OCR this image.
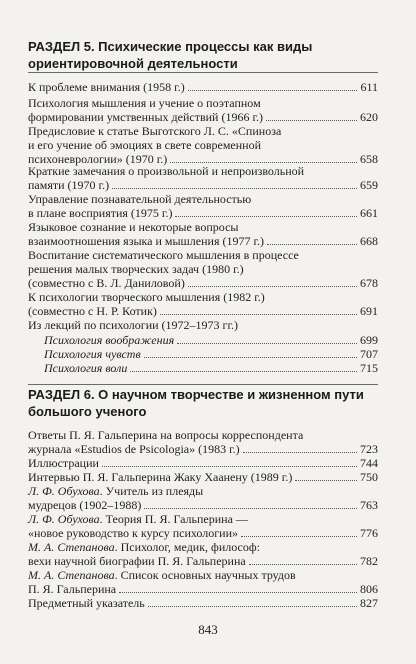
РАЗДЕЛ 5. Психические процессы как виды
ориентировочной деятельности
К проблеме внимания (1958 г.)	611
Психология мышления и учение о поэтапном
формировании умственных действий (1966 г.)	620
Предисловие к статье Выготского Л. С. «Спиноза
и его учение об эмоциях в свете современной
психоневрологии» (1970 г.)	658
Краткие замечания о произвольной и непроизвольной
памяти (1970 г.)	659
Управление познавательной деятельностью
в плане восприятия (1975 г.)	661
Языковое сознание и некоторые вопросы
взаимоотношения языка и мышления (1977 г.)	668
Воспитание систематического мышления в процессе
решения малых творческих задач (1980 г.)
(совместно с В. Л. Даниловой)	678
К психологии творческого мышления (1982 г.)
(совместно с Н. Р. Котик)	691
Из лекций по психологии (1972–1973 гг.)
Психология воображения	699
Психология чувств	707
Психология воли	715
РАЗДЕЛ 6. О научном творчестве и жизненном пути
большого ученого
Ответы П. Я. Гальперина на вопросы корреспондента
журнала «Estudios de Psicologia» (1983 г.)	723
Иллюстрации	744
Интервью П. Я. Гальперина Жаку Хаанену (1989 г.)	750
Л. Ф. Обухова. Учитель из плеяды
мудрецов (1902–1988)	763
Л. Ф. Обухова. Теория П. Я. Гальперина —
«новое руководство к курсу психологии»	776
М. А. Степанова. Психолог, медик, философ:
вехи научной биографии П. Я. Гальперина	782
М. А. Степанова. Список основных научных трудов
П. Я. Гальперина	806
Предметный указатель	827
843
